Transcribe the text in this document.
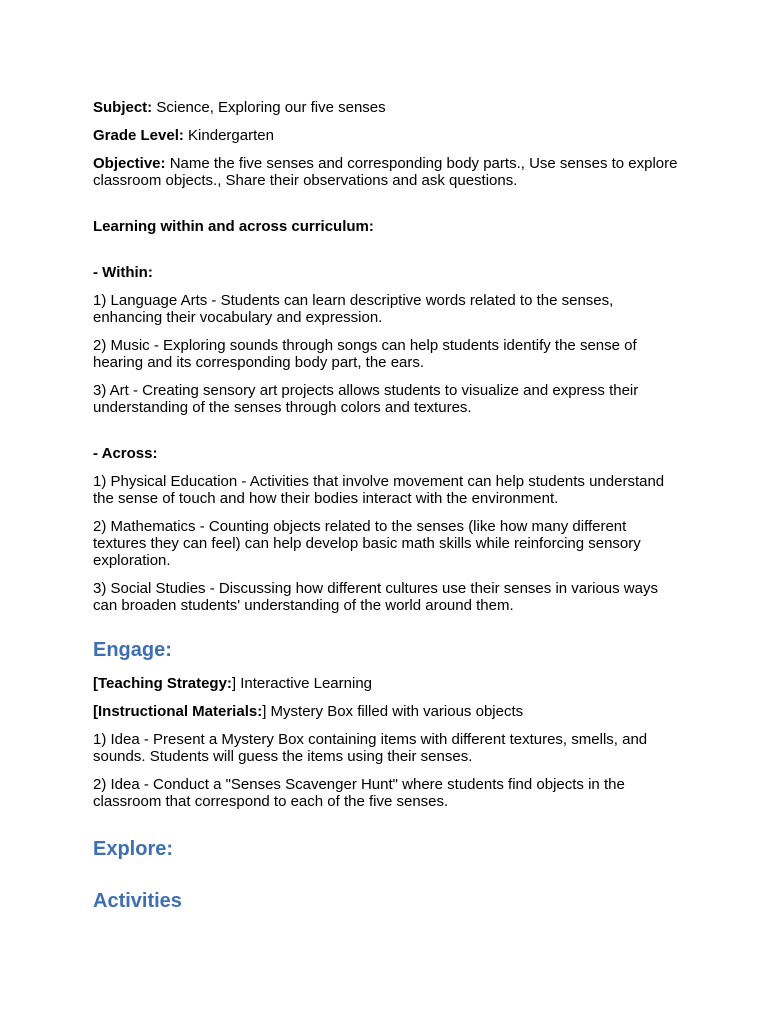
Subject: Science, Exploring our five senses

Grade Level: Kindergarten

Objective: Name the five senses and corresponding body parts., Use senses to explore classroom objects., Share their observations and ask questions.

Learning within and across curriculum:

- Within:

1) Language Arts - Students can learn descriptive words related to the senses, enhancing their vocabulary and expression.

2) Music - Exploring sounds through songs can help students identify the sense of hearing and its corresponding body part, the ears.

3) Art - Creating sensory art projects allows students to visualize and express their understanding of the senses through colors and textures.

- Across:

1) Physical Education - Activities that involve movement can help students understand the sense of touch and how their bodies interact with the environment.

2) Mathematics - Counting objects related to the senses (like how many different textures they can feel) can help develop basic math skills while reinforcing sensory exploration.

3) Social Studies - Discussing how different cultures use their senses in various ways can broaden students' understanding of the world around them.

Engage:

[Teaching Strategy:] Interactive Learning

[Instructional Materials:] Mystery Box filled with various objects

1) Idea - Present a Mystery Box containing items with different textures, smells, and sounds. Students will guess the items using their senses.

2) Idea - Conduct a "Senses Scavenger Hunt" where students find objects in the classroom that correspond to each of the five senses.

Explore:
Activities
